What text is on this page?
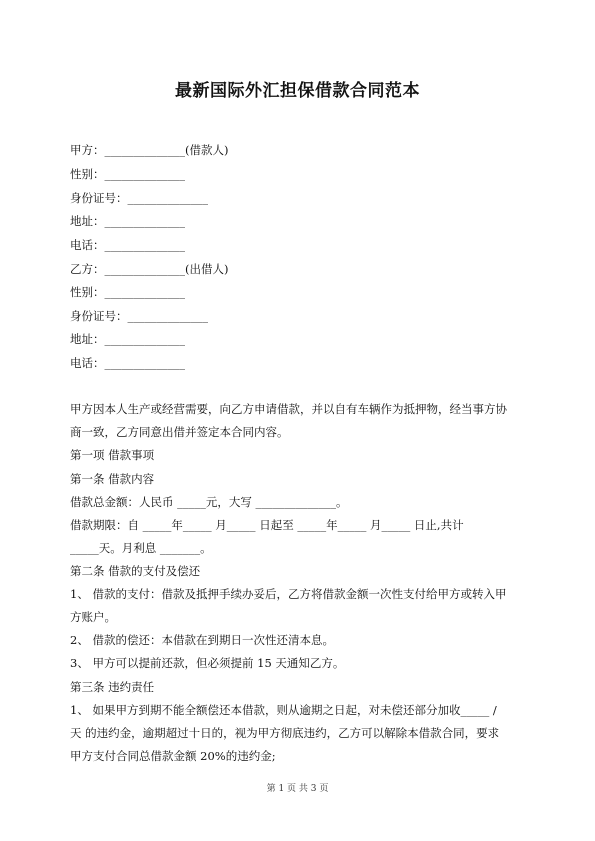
最新国际外汇担保借款合同范本
甲方：______________(借款人)
性别：______________
身份证号：______________
地址：______________
电话：______________
乙方：______________(出借人)
性别：______________
身份证号：______________
地址：______________
电话：______________
甲方因本人生产或经营需要，向乙方申请借款，并以自有车辆作为抵押物，经当事方协
商一致，乙方同意出借并签定本合同内容。
第一项 借款事项
第一条 借款内容
借款总金额：人民币 _____元，大写 ______________。
借款期限：自 _____年_____ 月_____ 日起至 _____年_____ 月_____ 日止,共计
_____天。月利息 _______。
第二条 借款的支付及偿还
1、 借款的支付：借款及抵押手续办妥后，乙方将借款金额一次性支付给甲方或转入甲
方账户。
2、 借款的偿还：本借款在到期日一次性还清本息。
3、 甲方可以提前还款，但必须提前 15 天通知乙方。
第三条 违约责任
1、 如果甲方到期不能全额偿还本借款，则从逾期之日起，对未偿还部分加收_____ /
天 的违约金，逾期超过十日的，视为甲方彻底违约，乙方可以解除本借款合同，要求
甲方支付合同总借款金额 20%的违约金;
第 1 页 共 3 页
